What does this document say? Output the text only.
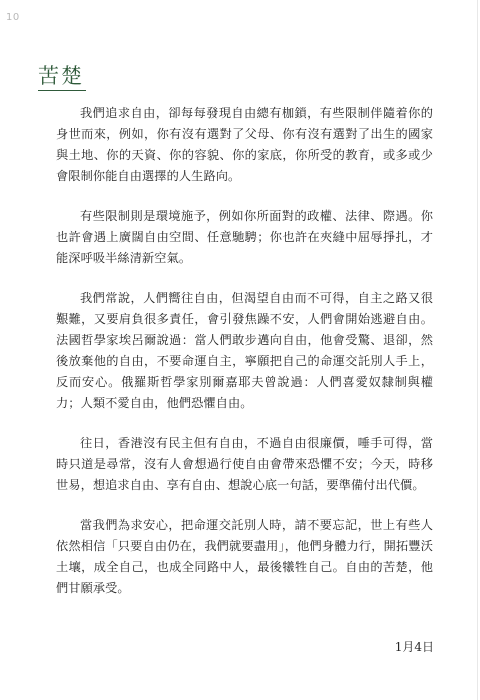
10
苦楚

我們追求自由，卻每每發現自由總有枷鎖，有些限制伴隨着你的身世而來，例如，你有沒有選對了父母、你有沒有選對了出生的國家與土地、你的天資、你的容貌、你的家底，你所受的教育，或多或少會限制你能自由選擇的人生路向。

有些限制則是環境施予，例如你所面對的政權、法律、際遇。你也許會遇上廣闊自由空間、任意馳騁；你也許在夾縫中屈辱掙扎，才能深呼吸半絲清新空氣。

我們常說，人們嚮往自由，但渴望自由而不可得，自主之路又很艱難，又要肩負很多責任，會引發焦躁不安，人們會開始逃避自由。法國哲學家埃呂爾說過：當人們敢步邁向自由，他會受驚、退卻，然後放棄他的自由，不要命運自主，寧願把自己的命運交託別人手上，反而安心。俄羅斯哲學家別爾嘉耶夫曾說過：人們喜愛奴隸制與權力；人類不愛自由，他們恐懼自由。

往日，香港沒有民主但有自由，不過自由很廉價，唾手可得，當時只道是尋常，沒有人會想過行使自由會帶來恐懼不安；今天，時移世易，想追求自由、享有自由、想說心底一句話，要準備付出代價。

當我們為求安心，把命運交託別人時，請不要忘記，世上有些人依然相信「只要自由仍在，我們就要盡用」，他們身體力行，開拓豐沃土壤，成全自己，也成全同路中人，最後犧牲自己。自由的苦楚，他們甘願承受。

1月4日
